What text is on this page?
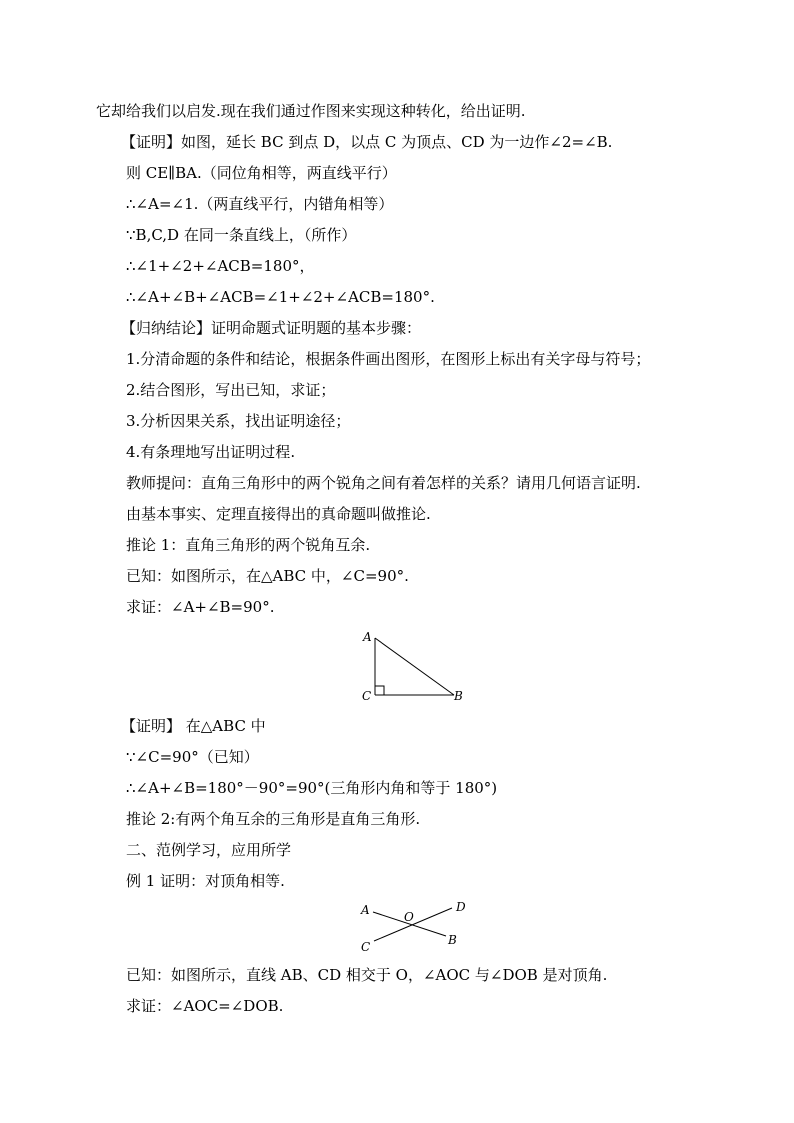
它却给我们以启发.现在我们通过作图来实现这种转化，给出证明.
【证明】如图，延长 BC 到点 D，以点 C 为顶点、CD 为一边作∠2=∠B.
则 CE∥BA.（同位角相等，两直线平行）
∴∠A=∠1.（两直线平行，内错角相等）
∵B,C,D 在同一条直线上，（所作）
∴∠1+∠2+∠ACB=180°，
∴∠A+∠B+∠ACB=∠1+∠2+∠ACB=180°.
【归纳结论】证明命题式证明题的基本步骤：
1.分清命题的条件和结论，根据条件画出图形，在图形上标出有关字母与符号；
2.结合图形，写出已知，求证；
3.分析因果关系，找出证明途径；
4.有条理地写出证明过程.
教师提问：直角三角形中的两个锐角之间有着怎样的关系？请用几何语言证明.
由基本事实、定理直接得出的真命题叫做推论.
推论 1：直角三角形的两个锐角互余.
已知：如图所示，在△ABC 中，∠C=90°.
求证：∠A+∠B=90°.
A
C	B
【证明】 在△ABC 中
∵∠C=90°（已知）
∴∠A+∠B=180°－90°=90°(三角形内角和等于 180°)
推论 2:有两个角互余的三角形是直角三角形.
二、范例学习，应用所学
例 1 证明：对顶角相等.
A	O
D
B
C
已知：如图所示，直线 AB、CD 相交于 O，∠AOC 与∠DOB 是对顶角.
求证：∠AOC=∠DOB.
